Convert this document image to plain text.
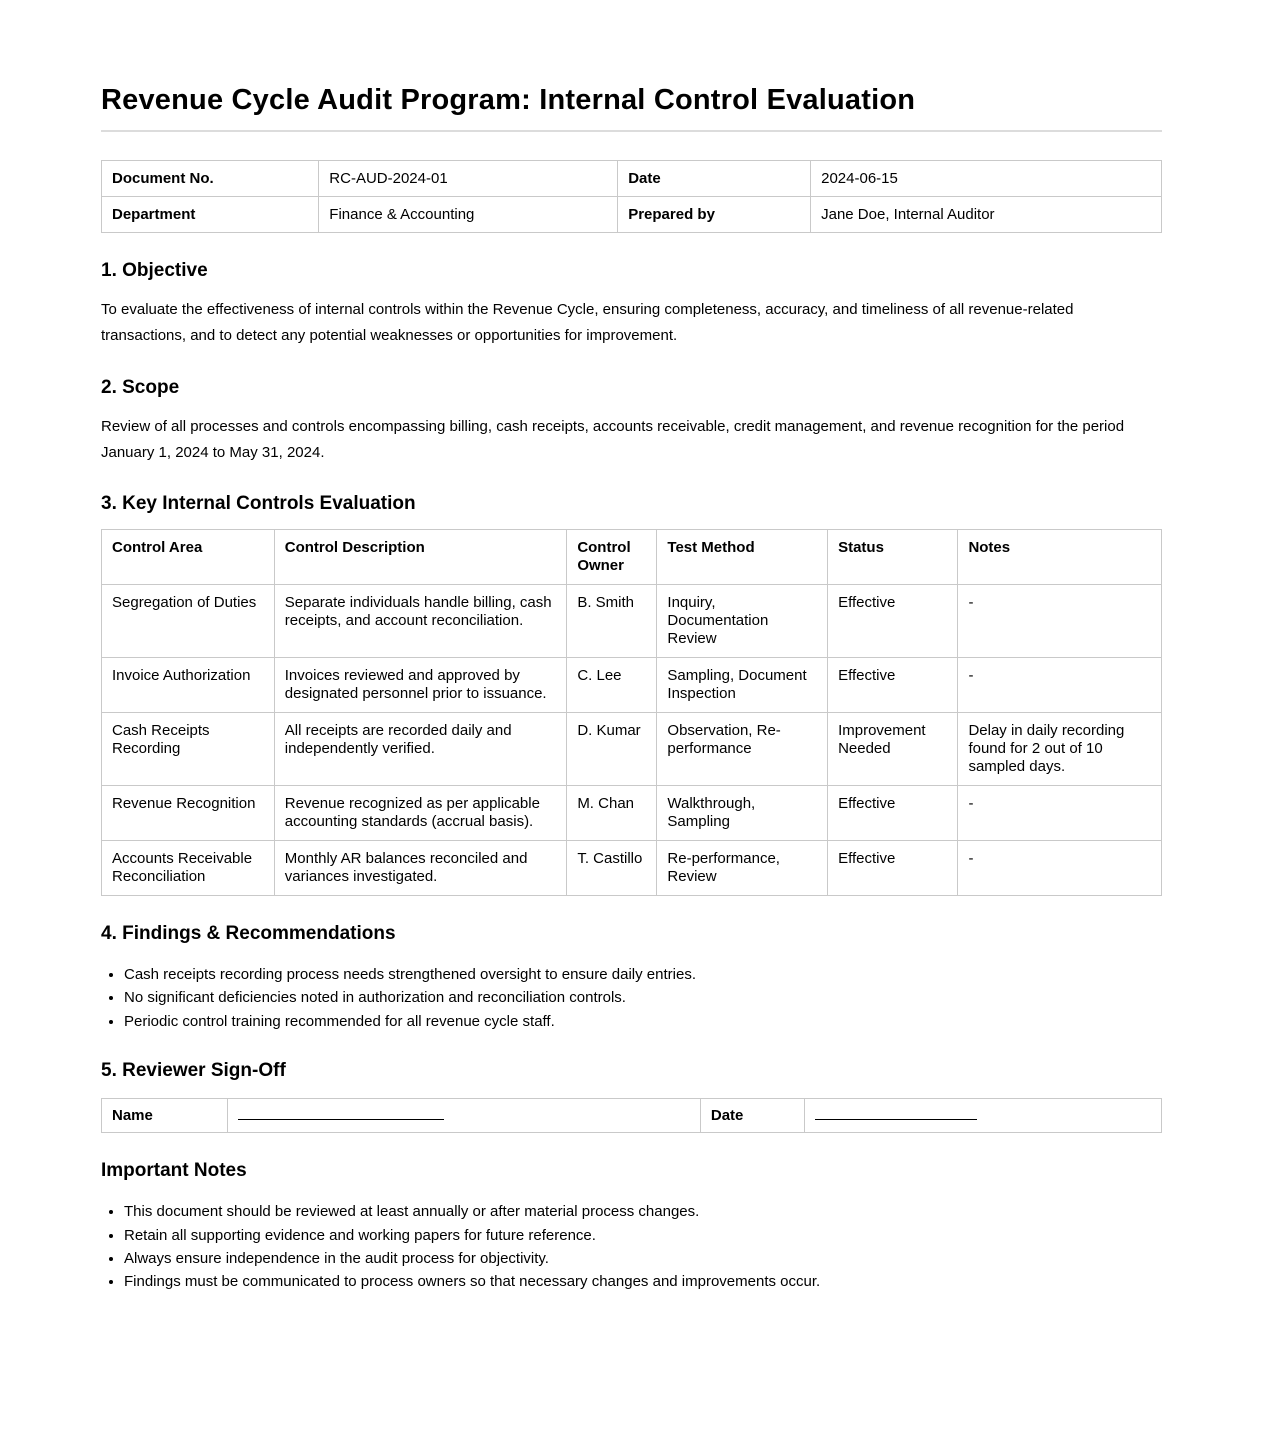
Revenue Cycle Audit Program: Internal Control Evaluation
Document No.	RC-AUD-2024-01	Date	2024-06-15
Department	Finance & Accounting	Prepared by	Jane Doe, Internal Auditor
1. Objective

To evaluate the effectiveness of internal controls within the Revenue Cycle, ensuring completeness, accuracy, and timeliness of all revenue-related transactions, and to detect any potential weaknesses or opportunities for improvement.

2. Scope

Review of all processes and controls encompassing billing, cash receipts, accounts receivable, credit management, and revenue recognition for the period January 1, 2024 to May 31, 2024.

3. Key Internal Controls Evaluation
Control Area	Control Description	Control Owner	Test Method	Status	Notes
Segregation of Duties	Separate individuals handle billing, cash receipts, and account reconciliation.	B. Smith	Inquiry, Documentation Review	Effective	-
Invoice Authorization	Invoices reviewed and approved by designated personnel prior to issuance.	C. Lee	Sampling, Document Inspection	Effective	-
Cash Receipts Recording	All receipts are recorded daily and independently verified.	D. Kumar	Observation, Re-performance	Improvement Needed	Delay in daily recording found for 2 out of 10 sampled days.
Revenue Recognition	Revenue recognized as per applicable accounting standards (accrual basis).	M. Chan	Walkthrough, Sampling	Effective	-
Accounts Receivable Reconciliation	Monthly AR balances reconciled and variances investigated.	T. Castillo	Re-performance, Review	Effective	-
4. Findings & Recommendations
• Cash receipts recording process needs strengthened oversight to ensure daily entries.
• No significant deficiencies noted in authorization and reconciliation controls.
• Periodic control training recommended for all revenue cycle staff.
5. Reviewer Sign-Off
Name		Date	
Important Notes
• This document should be reviewed at least annually or after material process changes.
• Retain all supporting evidence and working papers for future reference.
• Always ensure independence in the audit process for objectivity.
• Findings must be communicated to process owners so that necessary changes and improvements occur.
